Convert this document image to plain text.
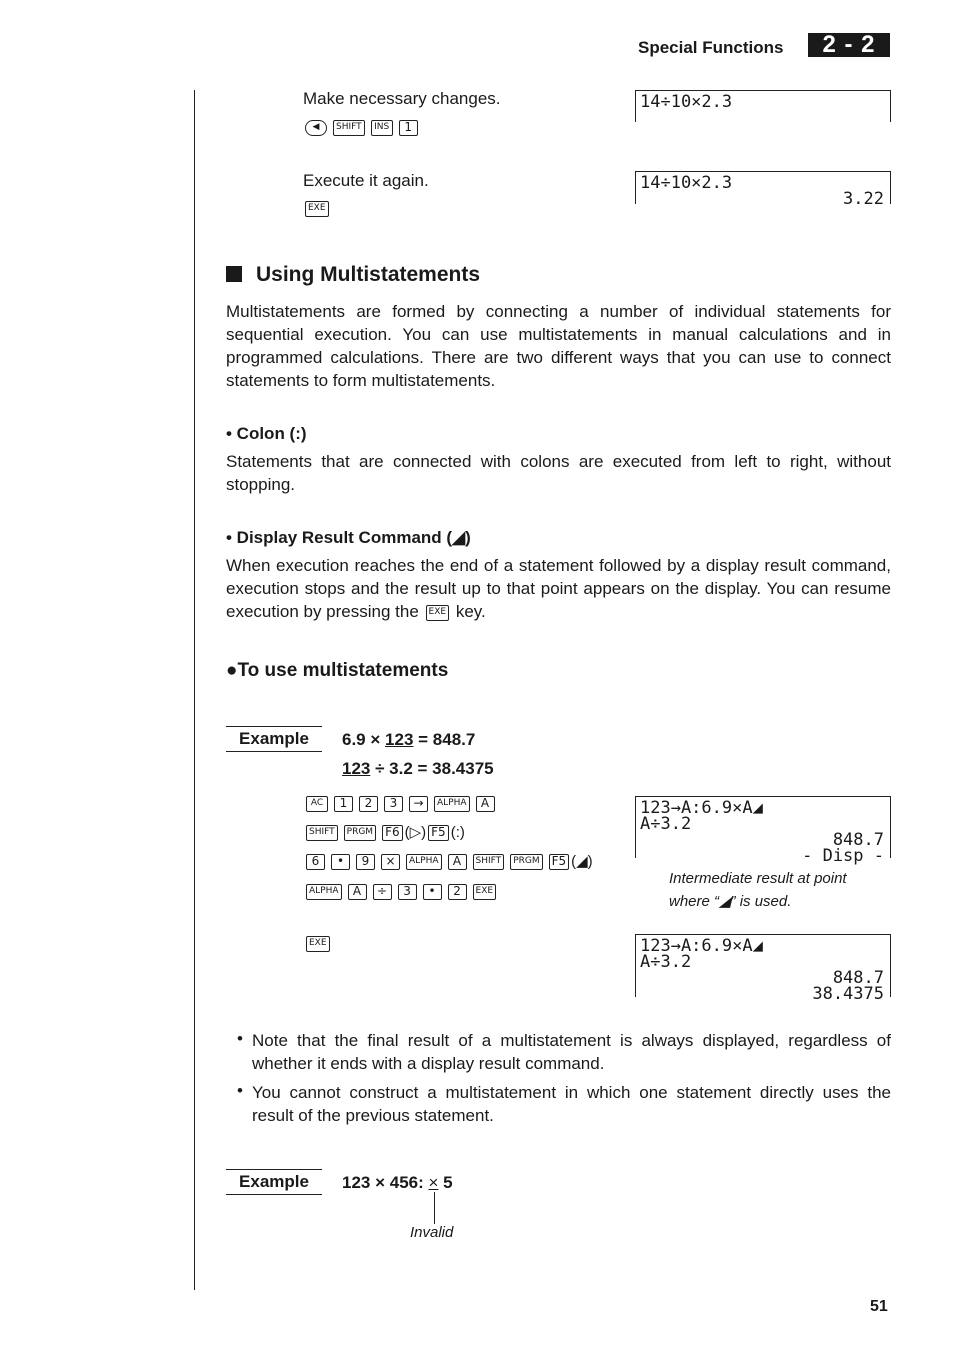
Special Functions	2 - 2
Make necessary changes.
◀ SHIFT INS 1
14÷10×2.3
Execute it again.
EXE
14÷10×2.3
3.22
Using Multistatements
Multistatements are formed by connecting a number of individual statements for sequential execution. You can use multistatements in manual calculations and in programmed calculations. There are two different ways that you can use to connect statements to form multistatements.
• Colon (:)
Statements that are connected with colons are executed from left to right, without stopping.
• Display Result Command (◢)
When execution reaches the end of a statement followed by a display result command, execution stops and the result up to that point appears on the display. You can resume execution by pressing the EXE key.
●To use multistatements
Example	6.9 × 123 = 848.7
123 ÷ 3.2 = 38.4375
AC 1 2 3 → ALPHA A
SHIFT PRGM F6 (▷) F5 (:)
6 • 9 × ALPHA A SHIFT PRGM F5 (◢)
ALPHA A ÷ 3 • 2 EXE
EXE
123→A:6.9×A◢
A÷3.2
848.7
- Disp -
Intermediate result at point
where “◢” is used.
123→A:6.9×A◢
A÷3.2
848.7
38.4375
• Note that the final result of a multistatement is always displayed, regardless of whether it ends with a display result command.
• You cannot construct a multistatement in which one statement directly uses the result of the previous statement.
Example	123 × 456: × 5
Invalid
51
